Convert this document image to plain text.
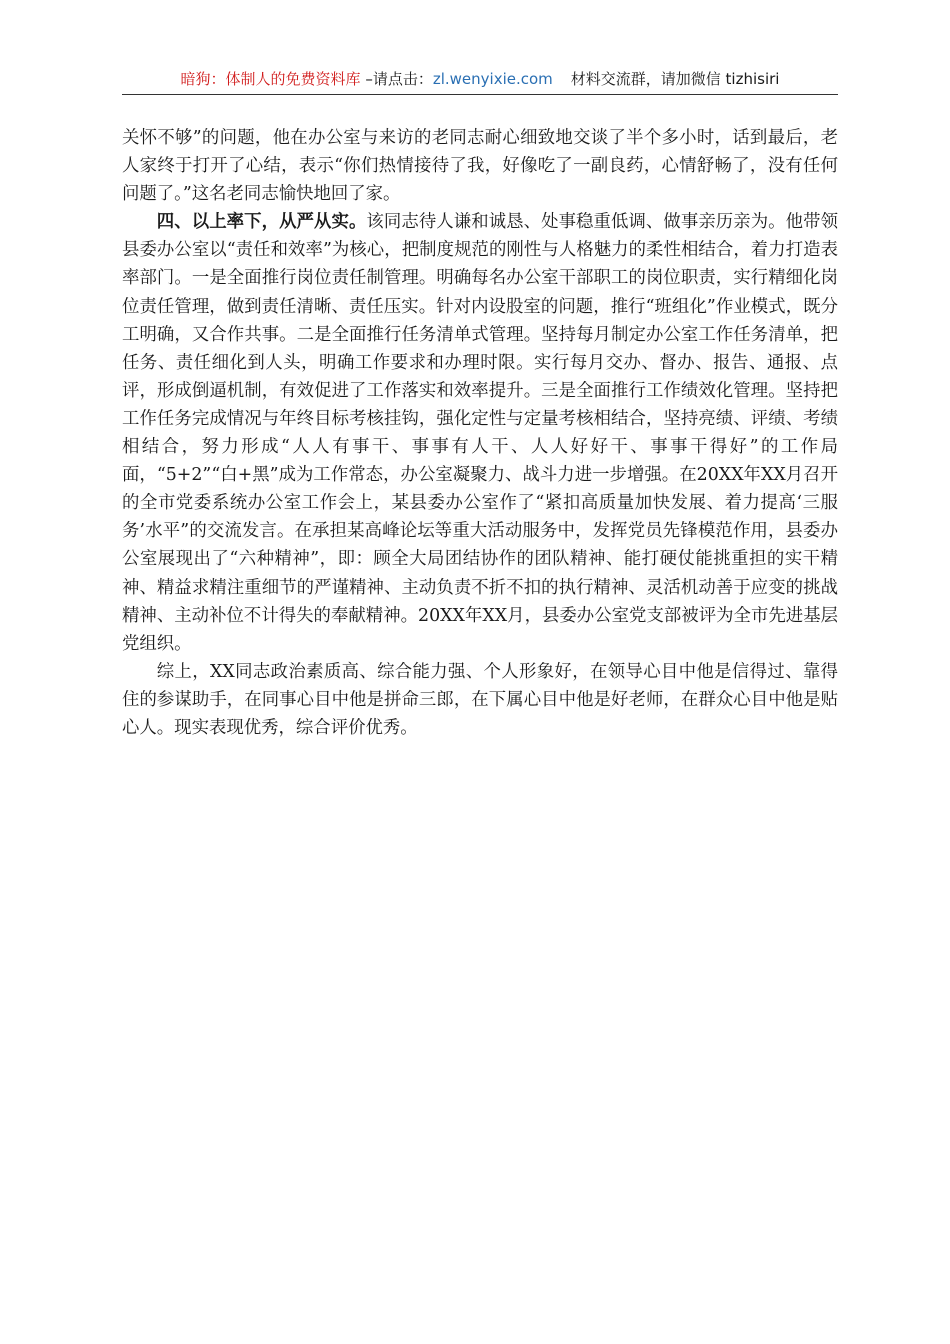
暗狗：体制人的免费资料库 –请点击：zl.wenyixie.com 材料交流群，请加微信 tizhisiri

关怀不够”的问题，他在办公室与来访的老同志耐心细致地交谈了半个多小时，话到最后，老人家终于打开了心结，表示“你们热情接待了我，好像吃了一副良药，心情舒畅了，没有任何问题了。”这名老同志愉快地回了家。

四、以上率下，从严从实。该同志待人谦和诚恳、处事稳重低调、做事亲历亲为。他带领县委办公室以“责任和效率”为核心，把制度规范的刚性与人格魅力的柔性相结合，着力打造表率部门。一是全面推行岗位责任制管理。明确每名办公室干部职工的岗位职责，实行精细化岗位责任管理，做到责任清晰、责任压实。针对内设股室的问题，推行“班组化”作业模式，既分工明确，又合作共事。二是全面推行任务清单式管理。坚持每月制定办公室工作任务清单，把任务、责任细化到人头，明确工作要求和办理时限。实行每月交办、督办、报告、通报、点评，形成倒逼机制，有效促进了工作落实和效率提升。三是全面推行工作绩效化管理。坚持把工作任务完成情况与年终目标考核挂钩，强化定性与定量考核相结合，坚持亮绩、评绩、考绩相结合，努力形成“人人有事干、事事有人干、人人好好干、事事干得好”的工作局面，“5+2”“白+黑”成为工作常态，办公室凝聚力、战斗力进一步增强。在20XX年XX月召开的全市党委系统办公室工作会上，某县委办公室作了“紧扣高质量加快发展、着力提高‘三服务’水平”的交流发言。在承担某高峰论坛等重大活动服务中，发挥党员先锋模范作用，县委办公室展现出了“六种精神”，即：顾全大局团结协作的团队精神、能打硬仗能挑重担的实干精神、精益求精注重细节的严谨精神、主动负责不折不扣的执行精神、灵活机动善于应变的挑战精神、主动补位不计得失的奉献精神。20XX年XX月，县委办公室党支部被评为全市先进基层党组织。

综上，XX同志政治素质高、综合能力强、个人形象好，在领导心目中他是信得过、靠得住的参谋助手，在同事心目中他是拼命三郎，在下属心目中他是好老师，在群众心目中他是贴心人。现实表现优秀，综合评价优秀。
